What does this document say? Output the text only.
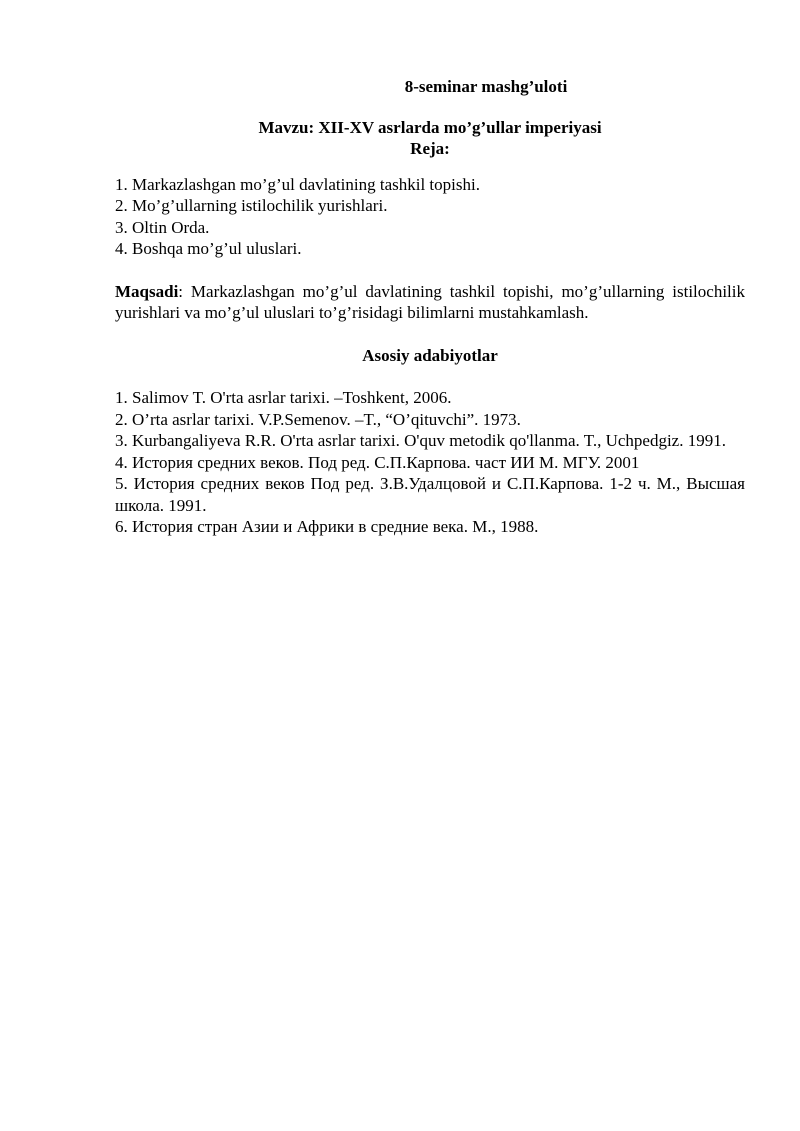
8-seminar mashg’uloti

Mavzu: XII-XV asrlarda mo’g’ullar imperiyasi

Reja:

1. Markazlashgan mo’g’ul davlatining tashkil topishi.

2. Mo’g’ullarning istilochilik yurishlari.

3. Oltin Orda.

4. Boshqa mo’g’ul uluslari.

Maqsadi: Markazlashgan mo’g’ul davlatining tashkil topishi, mo’g’ullarning istilochilik yurishlari va mo’g’ul uluslari to’g’risidagi bilimlarni mustahkamlash.

Asosiy adabiyotlar

1. Salimov T. O'rta asrlar tarixi. –Toshkent, 2006.

2. O’rta asrlar tarixi. V.P.Semenov. –T., “O’qituvchi”. 1973.

3. Kurbangaliyeva R.R. O'rta asrlar tarixi. O'quv metodik qo'llanma. T., Uchpedgiz. 1991.

4. История средних веков. Под ред. С.П.Карпова. част ИИ М. МГУ. 2001

5. История средних веков Под ред. З.В.Удалцовой и С.П.Карпова. 1-2 ч. М., Высшая школа. 1991.

6. История стран Азии и Африки в средние века. М., 1988.
